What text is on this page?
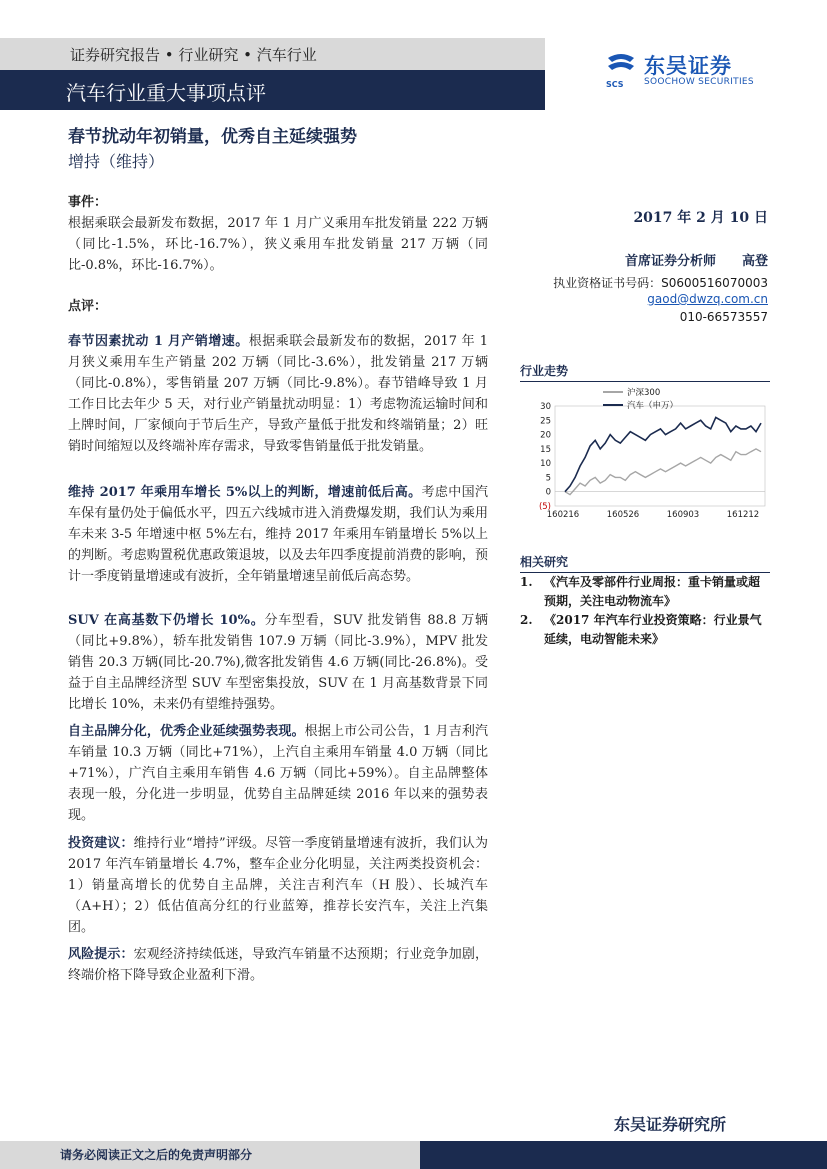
证券研究报告 • 行业研究 • 汽车行业
汽车行业重大事项点评	SCS
东吴证券
SOOCHOW SECURITIES
春节扰动年初销量，优秀自主延续强势
增持（维持）
事件：
根据乘联会最新发布数据，2017 年 1 月广义乘用车批发销量 222 万辆（同比-1.5%，环比-16.7%），狭义乘用车批发销量 217 万辆（同比-0.8%，环比-16.7%）。
点评：
春节因素扰动 1 月产销增速。根据乘联会最新发布的数据，2017 年 1 月狭义乘用车生产销量 202 万辆（同比-3.6%），批发销量 217 万辆（同比-0.8%），零售销量 207 万辆（同比-9.8%）。春节错峰导致 1 月工作日比去年少 5 天，对行业产销量扰动明显：1）考虑物流运输时间和上牌时间，厂家倾向于节后生产，导致产量低于批发和终端销量；2）旺销时间缩短以及终端补库存需求，导致零售销量低于批发销量。
维持 2017 年乘用车增长 5%以上的判断，增速前低后高。考虑中国汽车保有量仍处于偏低水平，四五六线城市进入消费爆发期，我们认为乘用车未来 3-5 年增速中枢 5%左右，维持 2017 年乘用车销量增长 5%以上的判断。考虑购置税优惠政策退坡，以及去年四季度提前消费的影响，预计一季度销量增速或有波折，全年销量增速呈前低后高态势。
SUV 在高基数下仍增长 10%。分车型看，SUV 批发销售 88.8 万辆（同比+9.8%），轿车批发销售 107.9 万辆（同比-3.9%），MPV 批发销售 20.3 万辆(同比-20.7%),微客批发销售 4.6 万辆(同比-26.8%)。受益于自主品牌经济型 SUV 车型密集投放，SUV 在 1 月高基数背景下同比增长 10%，未来仍有望维持强势。
自主品牌分化，优秀企业延续强势表现。根据上市公司公告，1 月吉利汽车销量 10.3 万辆（同比+71%），上汽自主乘用车销量 4.0 万辆（同比+71%），广汽自主乘用车销售 4.6 万辆（同比+59%）。自主品牌整体表现一般，分化进一步明显，优势自主品牌延续 2016 年以来的强势表现。
投资建议：维持行业“增持”评级。尽管一季度销量增速有波折，我们认为 2017 年汽车销量增长 4.7%，整车企业分化明显，关注两类投资机会：1）销量高增长的优势自主品牌，关注吉利汽车（H 股）、长城汽车（A+H）；2）低估值高分红的行业蓝筹，推荐长安汽车，关注上汽集团。
风险提示：宏观经济持续低迷，导致汽车销量不达预期；行业竞争加剧，终端价格下降导致企业盈利下滑。
2017 年 2 月 10 日
首席证券分析师　　高登
执业资格证书号码：S0600516070003
gaod@dwzq.com.cn
010-66573557
行业走势
30
25
20
15
10
5
0
(5)
160216	160526	160903	161212
沪深300
汽车（申万）
相关研究
1. 《汽车及零部件行业周报：重卡销量或超预期，关注电动物流车》
2. 《2017 年汽车行业投资策略：行业景气延续，电动智能未来》
东吴证券研究所
请务必阅读正文之后的免责声明部分
